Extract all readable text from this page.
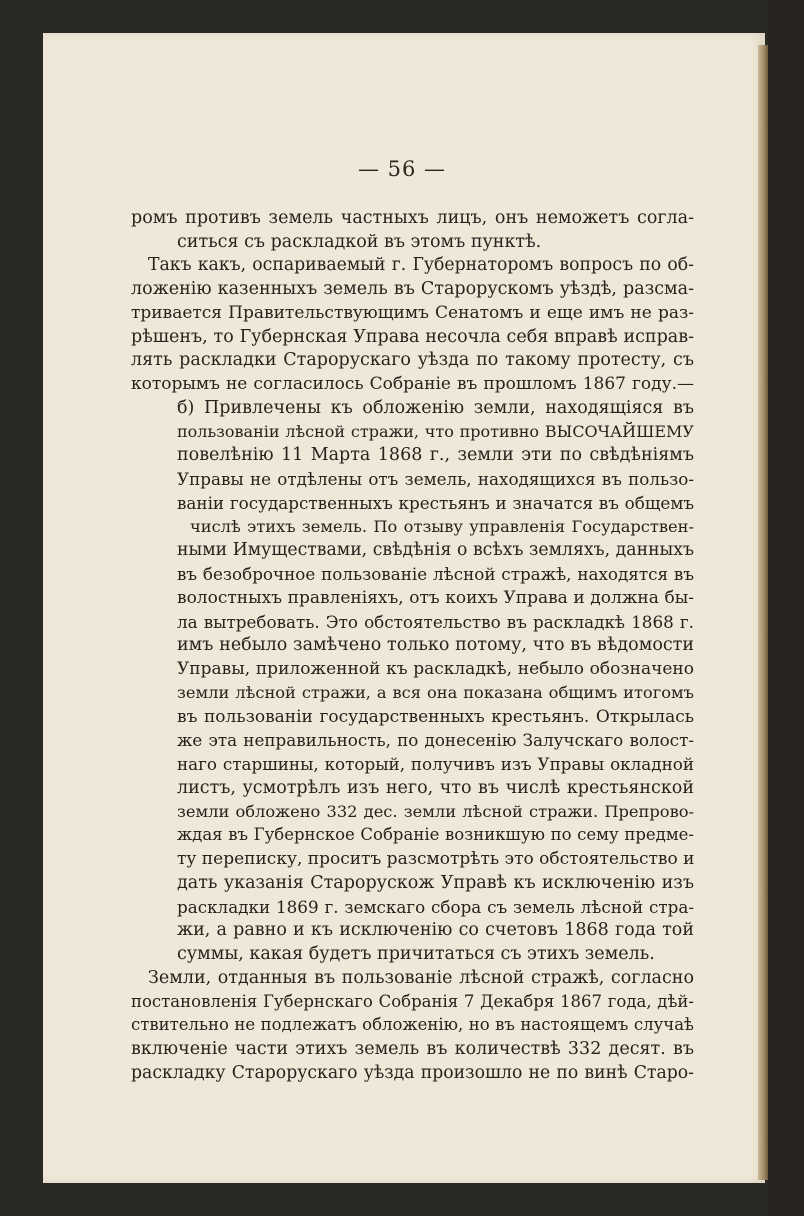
— 56 —
ромъ противъ земель частныхъ лицъ, онъ неможетъ согла-
ситься съ раскладкой въ этомъ пунктѣ.
Такъ какъ, оспариваемый г. Губернаторомъ вопросъ по об-
ложенію казенныхъ земель въ Старорускомъ уѣздѣ, разсма-
тривается Правительствующимъ Сенатомъ и еще имъ не раз-
рѣшенъ, то Губернская Управа несочла себя вправѣ исправ-
лять раскладки Старорускаго уѣзда по такому протесту, съ
которымъ не согласилось Собраніе въ прошломъ 1867 году.—
б) Привлечены къ обложенію земли, находящіяся въ
пользованіи лѣсной стражи, что противно ВЫСОЧАЙШЕМУ
повелѣнію 11 Марта 1868 г., земли эти по свѣдѣніямъ
Управы не отдѣлены отъ земель, находящихся въ пользо-
ваніи государственныхъ крестьянъ и значатся въ общемъ
числѣ этихъ земель. По отзыву управленія Государствен-
ными Имуществами, свѣдѣнія о всѣхъ земляхъ, данныхъ
въ безоброчное пользованіе лѣсной стражѣ, находятся въ
волостныхъ правленіяхъ, отъ коихъ Управа и должна бы-
ла вытребовать. Это обстоятельство въ раскладкѣ 1868 г.
имъ небыло замѣчено только потому, что въ вѣдомости
Управы, приложенной къ раскладкѣ, небыло обозначено
земли лѣсной стражи, а вся она показана общимъ итогомъ
въ пользованіи государственныхъ крестьянъ. Открылась
же эта неправильность, по донесенію Залучскаго волост-
наго старшины, который, получивъ изъ Управы окладной
листъ, усмотрѣлъ изъ него, что въ числѣ крестьянской
земли обложено 332 дес. земли лѣсной стражи. Препрово-
ждая въ Губернское Собраніе возникшую по сему предме-
ту переписку, проситъ разсмотрѣть это обстоятельство и
дать указанія Старорускож Управѣ къ исключенію изъ
раскладки 1869 г. земскаго сбора съ земель лѣсной стра-
жи, а равно и къ исключенію со счетовъ 1868 года той
суммы, какая будетъ причитаться съ этихъ земель.
Земли, отданныя въ пользованіе лѣсной стражѣ, согласно
постановленія Губернскаго Собранія 7 Декабря 1867 года, дѣй-
ствительно не подлежатъ обложенію, но въ настоящемъ случаѣ
включеніе части этихъ земель въ количествѣ 332 десят. въ
раскладку Старорускаго уѣзда произошло не по винѣ Старо-
